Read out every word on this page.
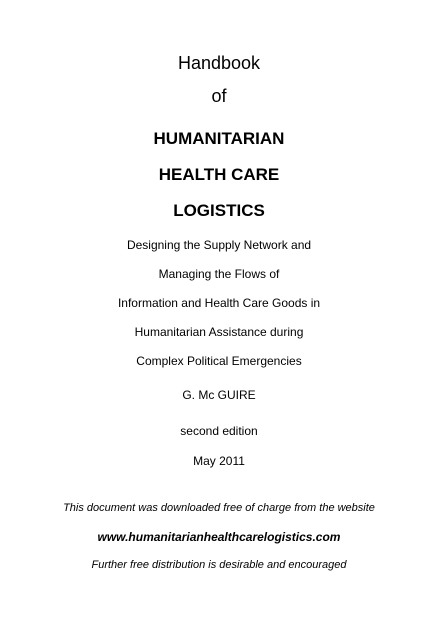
Handbook
of
HUMANITARIAN
HEALTH CARE
LOGISTICS
Designing the Supply Network and
Managing the Flows of
Information and Health Care Goods in
Humanitarian Assistance during
Complex Political Emergencies
G. Mc GUIRE
second edition
May 2011
This document was downloaded free of charge from the website
www.humanitarianhealthcarelogistics.com
Further free distribution is desirable and encouraged
